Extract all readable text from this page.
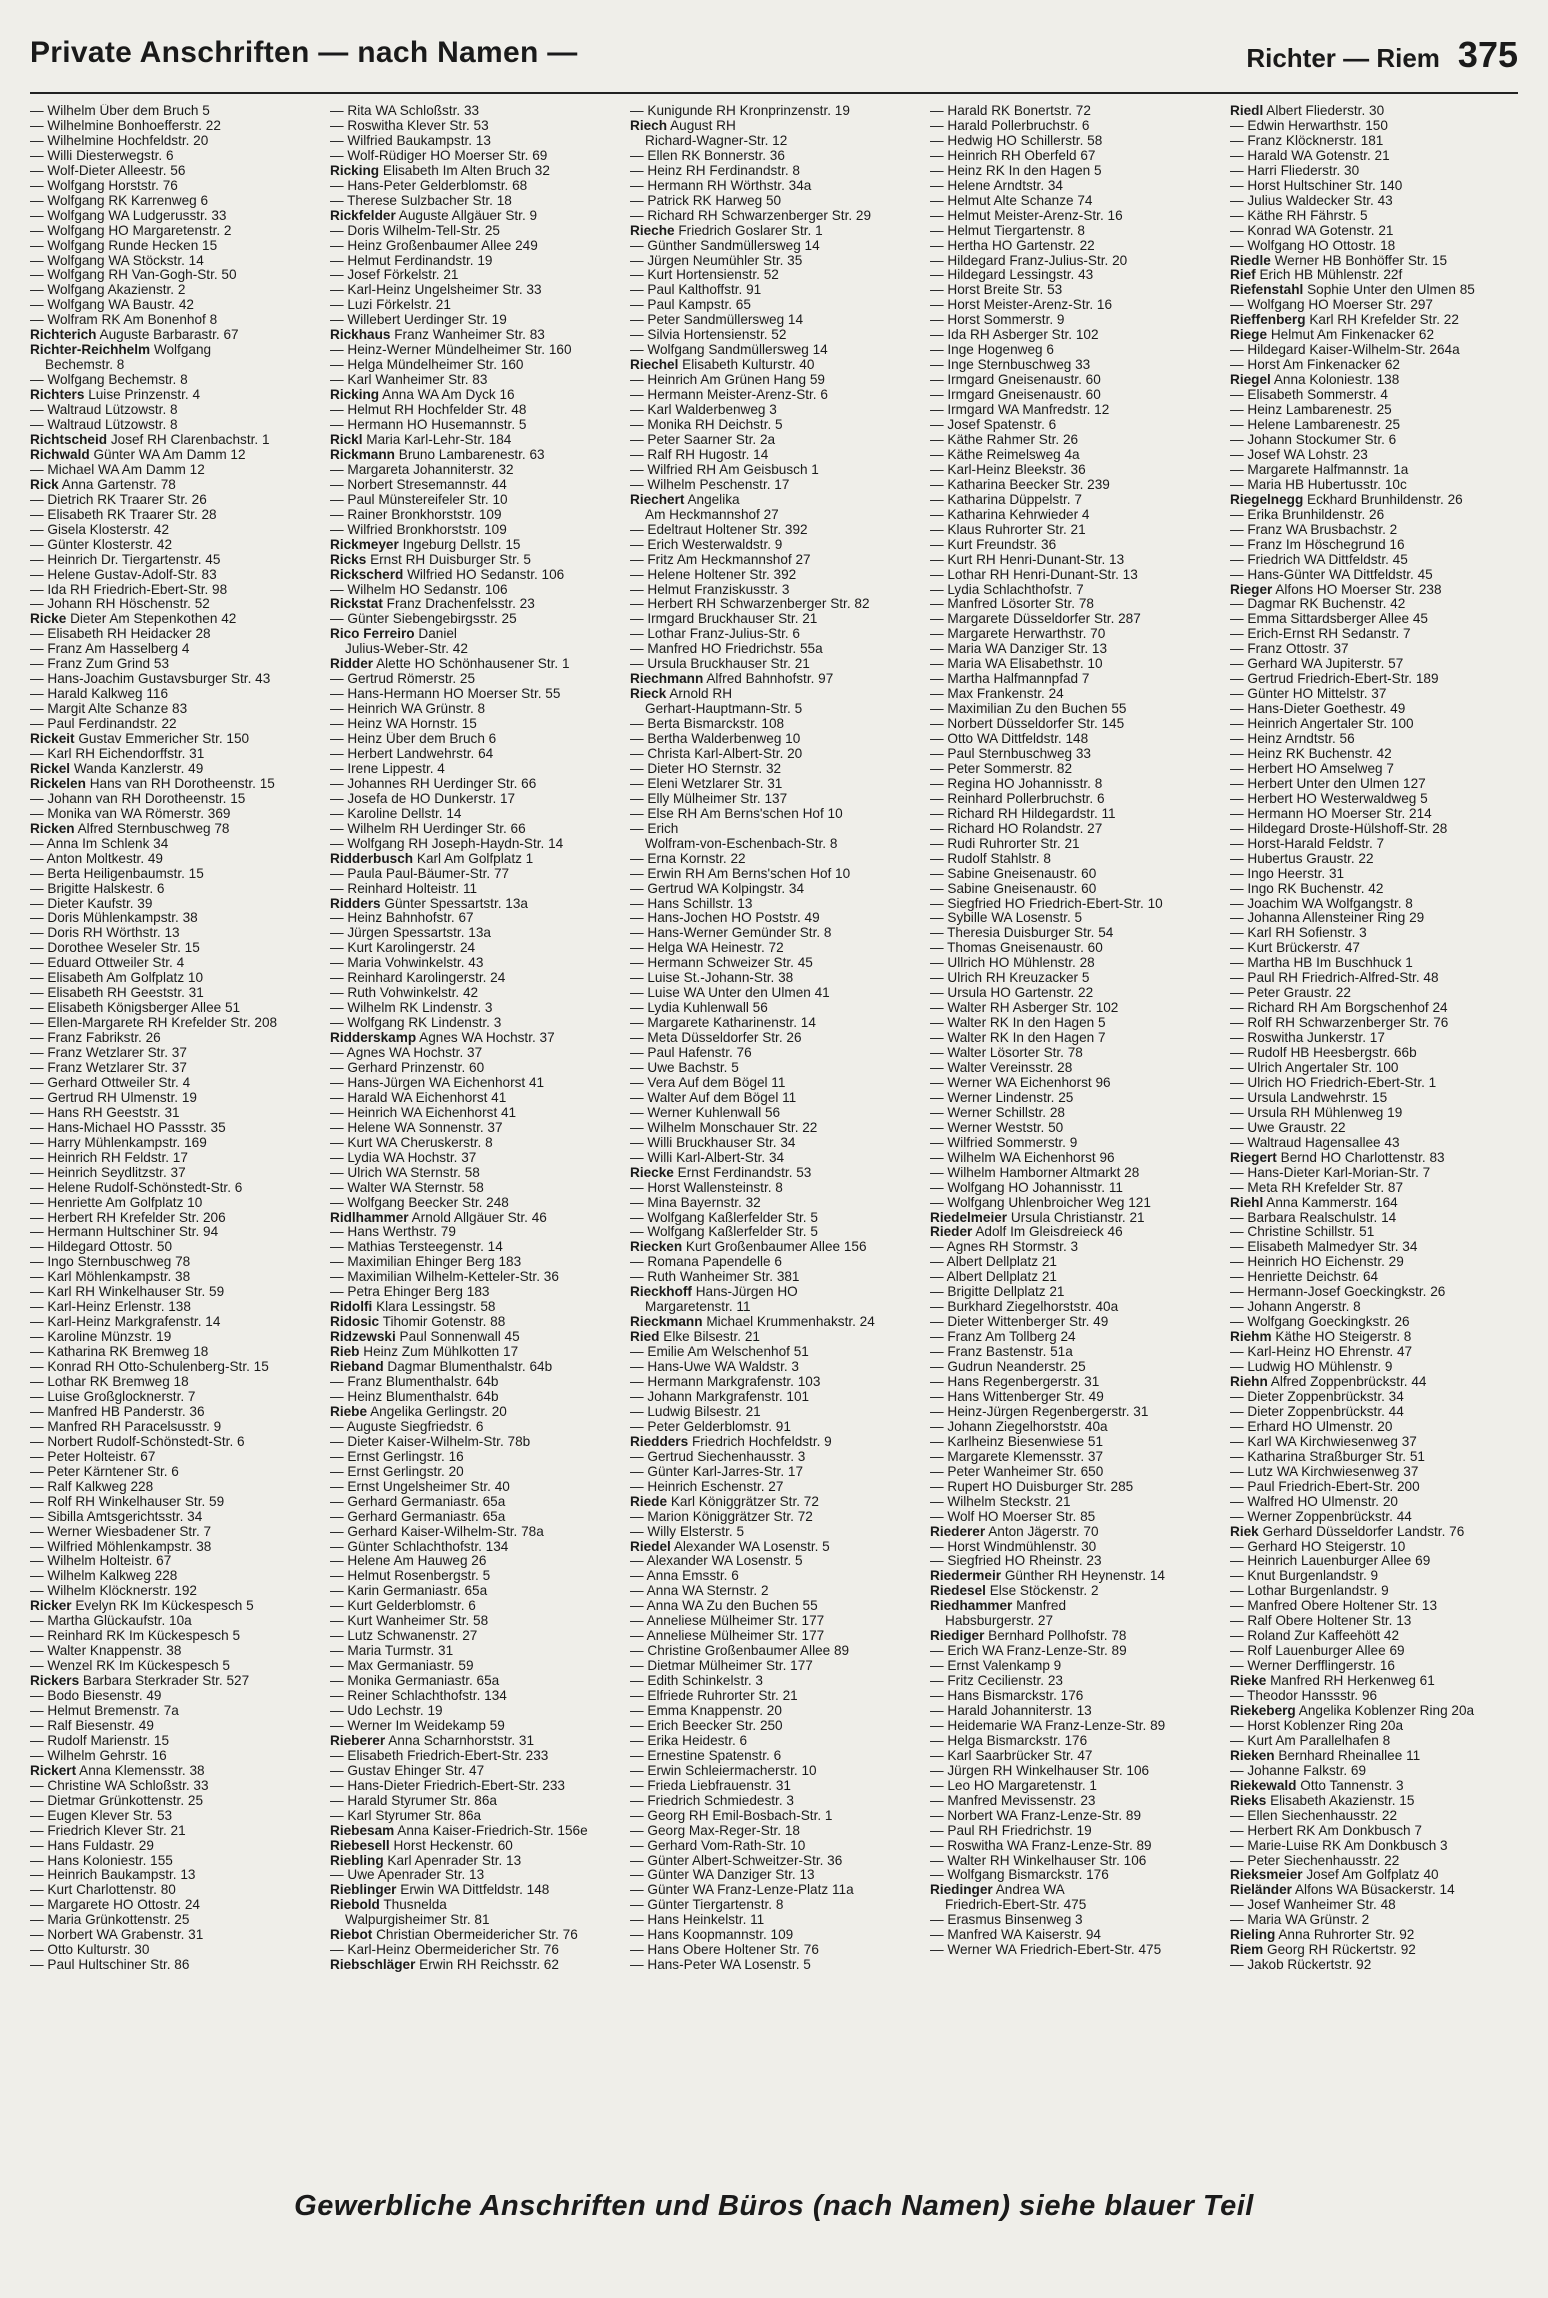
Private Anschriften — nach Namen —	Richter — Riem 375
— Wilhelm Über dem Bruch 5
— Wilhelmine Bonhoefferstr. 22
— Wilhelmine Hochfeldstr. 20
— Willi Diesterwegstr. 6
— Wolf-Dieter Alleestr. 56
— Wolfgang Horststr. 76
— Wolfgang RK Karrenweg 6
— Wolfgang WA Ludgerusstr. 33
— Wolfgang HO Margaretenstr. 2
— Wolfgang Runde Hecken 15
— Wolfgang WA Stöckstr. 14
— Wolfgang RH Van-Gogh-Str. 50
— Wolfgang Akazienstr. 2
— Wolfgang WA Baustr. 42
— Wolfram RK Am Bonenhof 8
Richterich Auguste Barbarastr. 67
Richter-Reichhelm Wolfgang
Bechemstr. 8
— Wolfgang Bechemstr. 8
Richters Luise Prinzenstr. 4
— Waltraud Lützowstr. 8
— Waltraud Lützowstr. 8
Richtscheid Josef RH Clarenbachstr. 1
Richwald Günter WA Am Damm 12
— Michael WA Am Damm 12
Rick Anna Gartenstr. 78
— Dietrich RK Traarer Str. 26
— Elisabeth RK Traarer Str. 28
— Gisela Klosterstr. 42
— Günter Klosterstr. 42
— Heinrich Dr. Tiergartenstr. 45
— Helene Gustav-Adolf-Str. 83
— Ida RH Friedrich-Ebert-Str. 98
— Johann RH Höschenstr. 52
Ricke Dieter Am Stepenkothen 42
— Elisabeth RH Heidacker 28
— Franz Am Hasselberg 4
— Franz Zum Grind 53
— Hans-Joachim Gustavsburger Str. 43
— Harald Kalkweg 116
— Margit Alte Schanze 83
— Paul Ferdinandstr. 22
Rickeit Gustav Emmericher Str. 150
— Karl RH Eichendorffstr. 31
Rickel Wanda Kanzlerstr. 49
Rickelen Hans van RH Dorotheenstr. 15
— Johann van RH Dorotheenstr. 15
— Monika van WA Römerstr. 369
Ricken Alfred Sternbuschweg 78
— Anna Im Schlenk 34
— Anton Moltkestr. 49
— Berta Heiligenbaumstr. 15
— Brigitte Halskestr. 6
— Dieter Kaufstr. 39
— Doris Mühlenkampstr. 38
— Doris RH Wörthstr. 13
— Dorothee Weseler Str. 15
— Eduard Ottweiler Str. 4
— Elisabeth Am Golfplatz 10
— Elisabeth RH Geeststr. 31
— Elisabeth Königsberger Allee 51
— Ellen-Margarete RH Krefelder Str. 208
— Franz Fabrikstr. 26
— Franz Wetzlarer Str. 37
— Franz Wetzlarer Str. 37
— Gerhard Ottweiler Str. 4
— Gertrud RH Ulmenstr. 19
— Hans RH Geeststr. 31
— Hans-Michael HO Passstr. 35
— Harry Mühlenkampstr. 169
— Heinrich RH Feldstr. 17
— Heinrich Seydlitzstr. 37
— Helene Rudolf-Schönstedt-Str. 6
— Henriette Am Golfplatz 10
— Herbert RH Krefelder Str. 206
— Hermann Hultschiner Str. 94
— Hildegard Ottostr. 50
— Ingo Sternbuschweg 78
— Karl Möhlenkampstr. 38
— Karl RH Winkelhauser Str. 59
— Karl-Heinz Erlenstr. 138
— Karl-Heinz Markgrafenstr. 14
— Karoline Münzstr. 19
— Katharina RK Bremweg 18
— Konrad RH Otto-Schulenberg-Str. 15
— Lothar RK Bremweg 18
— Luise Großglocknerstr. 7
— Manfred HB Panderstr. 36
— Manfred RH Paracelsusstr. 9
— Norbert Rudolf-Schönstedt-Str. 6
— Peter Holteistr. 67
— Peter Kärntener Str. 6
— Ralf Kalkweg 228
— Rolf RH Winkelhauser Str. 59
— Sibilla Amtsgerichtsstr. 34
— Werner Wiesbadener Str. 7
— Wilfried Möhlenkampstr. 38
— Wilhelm Holteistr. 67
— Wilhelm Kalkweg 228
— Wilhelm Klöcknerstr. 192
Ricker Evelyn RK Im Kückespesch 5
— Martha Glückaufstr. 10a
— Reinhard RK Im Kückespesch 5
— Walter Knappenstr. 38
— Wenzel RK Im Kückespesch 5
Rickers Barbara Sterkrader Str. 527
— Bodo Biesenstr. 49
— Helmut Bremenstr. 7a
— Ralf Biesenstr. 49
— Rudolf Marienstr. 15
— Wilhelm Gehrstr. 16
Rickert Anna Klemensstr. 38
— Christine WA Schloßstr. 33
— Dietmar Grünkottenstr. 25
— Eugen Klever Str. 53
— Friedrich Klever Str. 21
— Hans Fuldastr. 29
— Hans Koloniestr. 155
— Heinrich Baukampstr. 13
— Kurt Charlottenstr. 80
— Margarete HO Ottostr. 24
— Maria Grünkottenstr. 25
— Norbert WA Grabenstr. 31
— Otto Kulturstr. 30
— Paul Hultschiner Str. 86
— Rita WA Schloßstr. 33
— Roswitha Klever Str. 53
— Wilfried Baukampstr. 13
— Wolf-Rüdiger HO Moerser Str. 69
Ricking Elisabeth Im Alten Bruch 32
— Hans-Peter Gelderblomstr. 68
— Therese Sulzbacher Str. 18
Rickfelder Auguste Allgäuer Str. 9
— Doris Wilhelm-Tell-Str. 25
— Heinz Großenbaumer Allee 249
— Helmut Ferdinandstr. 19
— Josef Förkelstr. 21
— Karl-Heinz Ungelsheimer Str. 33
— Luzi Förkelstr. 21
— Willebert Uerdinger Str. 19
Rickhaus Franz Wanheimer Str. 83
— Heinz-Werner Mündelheimer Str. 160
— Helga Mündelheimer Str. 160
— Karl Wanheimer Str. 83
Ricking Anna WA Am Dyck 16
— Helmut RH Hochfelder Str. 48
— Hermann HO Husemannstr. 5
Rickl Maria Karl-Lehr-Str. 184
Rickmann Bruno Lambarenestr. 63
— Margareta Johanniterstr. 32
— Norbert Stresemannstr. 44
— Paul Münstereifeler Str. 10
— Rainer Bronkhorststr. 109
— Wilfried Bronkhorststr. 109
Rickmeyer Ingeburg Dellstr. 15
Ricks Ernst RH Duisburger Str. 5
Rickscherd Wilfried HO Sedanstr. 106
— Wilhelm HO Sedanstr. 106
Rickstat Franz Drachenfelsstr. 23
— Günter Siebengebirgsstr. 25
Rico Ferreiro Daniel
Julius-Weber-Str. 42
Ridder Alette HO Schönhausener Str. 1
— Gertrud Römerstr. 25
— Hans-Hermann HO Moerser Str. 55
— Heinrich WA Grünstr. 8
— Heinz WA Hornstr. 15
— Heinz Über dem Bruch 6
— Herbert Landwehrstr. 64
— Irene Lippestr. 4
— Johannes RH Uerdinger Str. 66
— Josefa de HO Dunkerstr. 17
— Karoline Dellstr. 14
— Wilhelm RH Uerdinger Str. 66
— Wolfgang RH Joseph-Haydn-Str. 14
Ridderbusch Karl Am Golfplatz 1
— Paula Paul-Bäumer-Str. 77
— Reinhard Holteistr. 11
Ridders Günter Spessartstr. 13a
— Heinz Bahnhofstr. 67
— Jürgen Spessartstr. 13a
— Kurt Karolingerstr. 24
— Maria Vohwinkelstr. 43
— Reinhard Karolingerstr. 24
— Ruth Vohwinkelstr. 42
— Wilhelm RK Lindenstr. 3
— Wolfgang RK Lindenstr. 3
Ridderskamp Agnes WA Hochstr. 37
— Agnes WA Hochstr. 37
— Gerhard Prinzenstr. 60
— Hans-Jürgen WA Eichenhorst 41
— Harald WA Eichenhorst 41
— Heinrich WA Eichenhorst 41
— Helene WA Sonnenstr. 37
— Kurt WA Cheruskerstr. 8
— Lydia WA Hochstr. 37
— Ulrich WA Sternstr. 58
— Walter WA Sternstr. 58
— Wolfgang Beecker Str. 248
Ridlhammer Arnold Allgäuer Str. 46
— Hans Werthstr. 79
— Mathias Tersteegenstr. 14
— Maximilian Ehinger Berg 183
— Maximilian Wilhelm-Ketteler-Str. 36
— Petra Ehinger Berg 183
Ridolfi Klara Lessingstr. 58
Ridosic Tihomir Gotenstr. 88
Ridzewski Paul Sonnenwall 45
Rieb Heinz Zum Mühlkotten 17
Rieband Dagmar Blumenthalstr. 64b
— Franz Blumenthalstr. 64b
— Heinz Blumenthalstr. 64b
Riebe Angelika Gerlingstr. 20
— Auguste Siegfriedstr. 6
— Dieter Kaiser-Wilhelm-Str. 78b
— Ernst Gerlingstr. 16
— Ernst Gerlingstr. 20
— Ernst Ungelsheimer Str. 40
— Gerhard Germaniastr. 65a
— Gerhard Germaniastr. 65a
— Gerhard Kaiser-Wilhelm-Str. 78a
— Günter Schlachthofstr. 134
— Helene Am Hauweg 26
— Helmut Rosenbergstr. 5
— Karin Germaniastr. 65a
— Kurt Gelderblomstr. 6
— Kurt Wanheimer Str. 58
— Lutz Schwanenstr. 27
— Maria Turmstr. 31
— Max Germaniastr. 59
— Monika Germaniastr. 65a
— Reiner Schlachthofstr. 134
— Udo Lechstr. 19
— Werner Im Weidekamp 59
Rieberer Anna Scharnhorststr. 31
— Elisabeth Friedrich-Ebert-Str. 233
— Gustav Ehinger Str. 47
— Hans-Dieter Friedrich-Ebert-Str. 233
— Harald Styrumer Str. 86a
— Karl Styrumer Str. 86a
Riebesam Anna Kaiser-Friedrich-Str. 156e
Riebesell Horst Heckenstr. 60
Riebling Karl Apenrader Str. 13
— Uwe Apenrader Str. 13
Rieblinger Erwin WA Dittfeldstr. 148
Riebold Thusnelda
Walpurgisheimer Str. 81
Riebot Christian Obermeidericher Str. 76
— Karl-Heinz Obermeidericher Str. 76
Riebschläger Erwin RH Reichsstr. 62
— Kunigunde RH Kronprinzenstr. 19
Riech August RH
Richard-Wagner-Str. 12
— Ellen RK Bonnerstr. 36
— Heinz RH Ferdinandstr. 8
— Hermann RH Wörthstr. 34a
— Patrick RK Harweg 50
— Richard RH Schwarzenberger Str. 29
Rieche Friedrich Goslarer Str. 1
— Günther Sandmüllersweg 14
— Jürgen Neumühler Str. 35
— Kurt Hortensienstr. 52
— Paul Kalthoffstr. 91
— Paul Kampstr. 65
— Peter Sandmüllersweg 14
— Silvia Hortensienstr. 52
— Wolfgang Sandmüllersweg 14
Riechel Elisabeth Kulturstr. 40
— Heinrich Am Grünen Hang 59
— Hermann Meister-Arenz-Str. 6
— Karl Walderbenweg 3
— Monika RH Deichstr. 5
— Peter Saarner Str. 2a
— Ralf RH Hugostr. 14
— Wilfried RH Am Geisbusch 1
— Wilhelm Peschenstr. 17
Riechert Angelika
Am Heckmannshof 27
— Edeltraut Holtener Str. 392
— Erich Westerwaldstr. 9
— Fritz Am Heckmannshof 27
— Helene Holtener Str. 392
— Helmut Franziskusstr. 3
— Herbert RH Schwarzenberger Str. 82
— Irmgard Bruckhauser Str. 21
— Lothar Franz-Julius-Str. 6
— Manfred HO Friedrichstr. 55a
— Ursula Bruckhauser Str. 21
Riechmann Alfred Bahnhofstr. 97
Rieck Arnold RH
Gerhart-Hauptmann-Str. 5
— Berta Bismarckstr. 108
— Bertha Walderbenweg 10
— Christa Karl-Albert-Str. 20
— Dieter HO Sternstr. 32
— Eleni Wetzlarer Str. 31
— Elly Mülheimer Str. 137
— Else RH Am Berns'schen Hof 10
— Erich
Wolfram-von-Eschenbach-Str. 8
— Erna Kornstr. 22
— Erwin RH Am Berns'schen Hof 10
— Gertrud WA Kolpingstr. 34
— Hans Schillstr. 13
— Hans-Jochen HO Poststr. 49
— Hans-Werner Gemünder Str. 8
— Helga WA Heinestr. 72
— Hermann Schweizer Str. 45
— Luise St.-Johann-Str. 38
— Luise WA Unter den Ulmen 41
— Lydia Kuhlenwall 56
— Margarete Katharinenstr. 14
— Meta Düsseldorfer Str. 26
— Paul Hafenstr. 76
— Uwe Bachstr. 5
— Vera Auf dem Bögel 11
— Walter Auf dem Bögel 11
— Werner Kuhlenwall 56
— Wilhelm Monschauer Str. 22
— Willi Bruckhauser Str. 34
— Willi Karl-Albert-Str. 34
Riecke Ernst Ferdinandstr. 53
— Horst Wallensteinstr. 8
— Mina Bayernstr. 32
— Wolfgang Kaßlerfelder Str. 5
— Wolfgang Kaßlerfelder Str. 5
Riecken Kurt Großenbaumer Allee 156
— Romana Papendelle 6
— Ruth Wanheimer Str. 381
Rieckhoff Hans-Jürgen HO
Margaretenstr. 11
Rieckmann Michael Krummenhakstr. 24
Ried Elke Bilsestr. 21
— Emilie Am Welschenhof 51
— Hans-Uwe WA Waldstr. 3
— Hermann Markgrafenstr. 103
— Johann Markgrafenstr. 101
— Ludwig Bilsestr. 21
— Peter Gelderblomstr. 91
Riedders Friedrich Hochfeldstr. 9
— Gertrud Siechenhausstr. 3
— Günter Karl-Jarres-Str. 17
— Heinrich Eschenstr. 27
Riede Karl Königgrätzer Str. 72
— Marion Königgrätzer Str. 72
— Willy Elsterstr. 5
Riedel Alexander WA Losenstr. 5
— Alexander WA Losenstr. 5
— Anna Emsstr. 6
— Anna WA Sternstr. 2
— Anna WA Zu den Buchen 55
— Anneliese Mülheimer Str. 177
— Anneliese Mülheimer Str. 177
— Christine Großenbaumer Allee 89
— Dietmar Mülheimer Str. 177
— Edith Schinkelstr. 3
— Elfriede Ruhrorter Str. 21
— Emma Knappenstr. 20
— Erich Beecker Str. 250
— Erika Heidestr. 6
— Ernestine Spatenstr. 6
— Erwin Schleiermacherstr. 10
— Frieda Liebfrauenstr. 31
— Friedrich Schmiedestr. 3
— Georg RH Emil-Bosbach-Str. 1
— Georg Max-Reger-Str. 18
— Gerhard Vom-Rath-Str. 10
— Günter Albert-Schweitzer-Str. 36
— Günter WA Danziger Str. 13
— Günter WA Franz-Lenze-Platz 11a
— Günter Tiergartenstr. 8
— Hans Heinkelstr. 11
— Hans Koopmannstr. 109
— Hans Obere Holtener Str. 76
— Hans-Peter WA Losenstr. 5
— Harald RK Bonertstr. 72
— Harald Pollerbruchstr. 6
— Hedwig HO Schillerstr. 58
— Heinrich RH Oberfeld 67
— Heinz RK In den Hagen 5
— Helene Arndtstr. 34
— Helmut Alte Schanze 74
— Helmut Meister-Arenz-Str. 16
— Helmut Tiergartenstr. 8
— Hertha HO Gartenstr. 22
— Hildegard Franz-Julius-Str. 20
— Hildegard Lessingstr. 43
— Horst Breite Str. 53
— Horst Meister-Arenz-Str. 16
— Horst Sommerstr. 9
— Ida RH Asberger Str. 102
— Inge Hogenweg 6
— Inge Sternbuschweg 33
— Irmgard Gneisenaustr. 60
— Irmgard Gneisenaustr. 60
— Irmgard WA Manfredstr. 12
— Josef Spatenstr. 6
— Käthe Rahmer Str. 26
— Käthe Reimelsweg 4a
— Karl-Heinz Bleekstr. 36
— Katharina Beecker Str. 239
— Katharina Düppelstr. 7
— Katharina Kehrwieder 4
— Klaus Ruhrorter Str. 21
— Kurt Freundstr. 36
— Kurt RH Henri-Dunant-Str. 13
— Lothar RH Henri-Dunant-Str. 13
— Lydia Schlachthofstr. 7
— Manfred Lösorter Str. 78
— Margarete Düsseldorfer Str. 287
— Margarete Herwarthstr. 70
— Maria WA Danziger Str. 13
— Maria WA Elisabethstr. 10
— Martha Halfmannpfad 7
— Max Frankenstr. 24
— Maximilian Zu den Buchen 55
— Norbert Düsseldorfer Str. 145
— Otto WA Dittfeldstr. 148
— Paul Sternbuschweg 33
— Peter Sommerstr. 82
— Regina HO Johannisstr. 8
— Reinhard Pollerbruchstr. 6
— Richard RH Hildegardstr. 11
— Richard HO Rolandstr. 27
— Rudi Ruhrorter Str. 21
— Rudolf Stahlstr. 8
— Sabine Gneisenaustr. 60
— Sabine Gneisenaustr. 60
— Siegfried HO Friedrich-Ebert-Str. 10
— Sybille WA Losenstr. 5
— Theresia Duisburger Str. 54
— Thomas Gneisenaustr. 60
— Ullrich HO Mühlenstr. 28
— Ulrich RH Kreuzacker 5
— Ursula HO Gartenstr. 22
— Walter RH Asberger Str. 102
— Walter RK In den Hagen 5
— Walter RK In den Hagen 7
— Walter Lösorter Str. 78
— Walter Vereinsstr. 28
— Werner WA Eichenhorst 96
— Werner Lindenstr. 25
— Werner Schillstr. 28
— Werner Weststr. 50
— Wilfried Sommerstr. 9
— Wilhelm WA Eichenhorst 96
— Wilhelm Hamborner Altmarkt 28
— Wolfgang HO Johannisstr. 11
— Wolfgang Uhlenbroicher Weg 121
Riedelmeier Ursula Christianstr. 21
Rieder Adolf Im Gleisdreieck 46
— Agnes RH Stormstr. 3
— Albert Dellplatz 21
— Albert Dellplatz 21
— Brigitte Dellplatz 21
— Burkhard Ziegelhorststr. 40a
— Dieter Wittenberger Str. 49
— Franz Am Tollberg 24
— Franz Bastenstr. 51a
— Gudrun Neanderstr. 25
— Hans Regenbergerstr. 31
— Hans Wittenberger Str. 49
— Heinz-Jürgen Regenbergerstr. 31
— Johann Ziegelhorststr. 40a
— Karlheinz Biesenwiese 51
— Margarete Klemensstr. 37
— Peter Wanheimer Str. 650
— Rupert HO Duisburger Str. 285
— Wilhelm Steckstr. 21
— Wolf HO Moerser Str. 85
Riederer Anton Jägerstr. 70
— Horst Windmühlenstr. 30
— Siegfried HO Rheinstr. 23
Riedermeir Günther RH Heynenstr. 14
Riedesel Else Stöckenstr. 2
Riedhammer Manfred
Habsburgerstr. 27
Riediger Bernhard Pollhofstr. 78
— Erich WA Franz-Lenze-Str. 89
— Ernst Valenkamp 9
— Fritz Cecilienstr. 23
— Hans Bismarckstr. 176
— Harald Johanniterstr. 13
— Heidemarie WA Franz-Lenze-Str. 89
— Helga Bismarckstr. 176
— Karl Saarbrücker Str. 47
— Jürgen RH Winkelhauser Str. 106
— Leo HO Margaretenstr. 1
— Manfred Mevissenstr. 23
— Norbert WA Franz-Lenze-Str. 89
— Paul RH Friedrichstr. 19
— Roswitha WA Franz-Lenze-Str. 89
— Walter RH Winkelhauser Str. 106
— Wolfgang Bismarckstr. 176
Riedinger Andrea WA
Friedrich-Ebert-Str. 475
— Erasmus Binsenweg 3
— Manfred WA Kaiserstr. 94
— Werner WA Friedrich-Ebert-Str. 475
Riedl Albert Fliederstr. 30
— Edwin Herwarthstr. 150
— Franz Klöcknerstr. 181
— Harald WA Gotenstr. 21
— Harri Fliederstr. 30
— Horst Hultschiner Str. 140
— Julius Waldecker Str. 43
— Käthe RH Fährstr. 5
— Konrad WA Gotenstr. 21
— Wolfgang HO Ottostr. 18
Riedle Werner HB Bonhöffer Str. 15
Rief Erich HB Mühlenstr. 22f
Riefenstahl Sophie Unter den Ulmen 85
— Wolfgang HO Moerser Str. 297
Rieffenberg Karl RH Krefelder Str. 22
Riege Helmut Am Finkenacker 62
— Hildegard Kaiser-Wilhelm-Str. 264a
— Horst Am Finkenacker 62
Riegel Anna Koloniestr. 138
— Elisabeth Sommerstr. 4
— Heinz Lambarenestr. 25
— Helene Lambarenestr. 25
— Johann Stockumer Str. 6
— Josef WA Lohstr. 23
— Margarete Halfmannstr. 1a
— Maria HB Hubertusstr. 10c
Riegelnegg Eckhard Brunhildenstr. 26
— Erika Brunhildenstr. 26
— Franz WA Brusbachstr. 2
— Franz Im Höschegrund 16
— Friedrich WA Dittfeldstr. 45
— Hans-Günter WA Dittfeldstr. 45
Rieger Alfons HO Moerser Str. 238
— Dagmar RK Buchenstr. 42
— Emma Sittardsberger Allee 45
— Erich-Ernst RH Sedanstr. 7
— Franz Ottostr. 37
— Gerhard WA Jupiterstr. 57
— Gertrud Friedrich-Ebert-Str. 189
— Günter HO Mittelstr. 37
— Hans-Dieter Goethestr. 49
— Heinrich Angertaler Str. 100
— Heinz Arndtstr. 56
— Heinz RK Buchenstr. 42
— Herbert HO Amselweg 7
— Herbert Unter den Ulmen 127
— Herbert HO Westerwaldweg 5
— Hermann HO Moerser Str. 214
— Hildegard Droste-Hülshoff-Str. 28
— Horst-Harald Feldstr. 7
— Hubertus Graustr. 22
— Ingo Heerstr. 31
— Ingo RK Buchenstr. 42
— Joachim WA Wolfgangstr. 8
— Johanna Allensteiner Ring 29
— Karl RH Sofienstr. 3
— Kurt Brückerstr. 47
— Martha HB Im Buschhuck 1
— Paul RH Friedrich-Alfred-Str. 48
— Peter Graustr. 22
— Richard RH Am Borgschenhof 24
— Rolf RH Schwarzenberger Str. 76
— Roswitha Junkerstr. 17
— Rudolf HB Heesbergstr. 66b
— Ulrich Angertaler Str. 100
— Ulrich HO Friedrich-Ebert-Str. 1
— Ursula Landwehrstr. 15
— Ursula RH Mühlenweg 19
— Uwe Graustr. 22
— Waltraud Hagensallee 43
Riegert Bernd HO Charlottenstr. 83
— Hans-Dieter Karl-Morian-Str. 7
— Meta RH Krefelder Str. 87
Riehl Anna Kammerstr. 164
— Barbara Realschulstr. 14
— Christine Schillstr. 51
— Elisabeth Malmedyer Str. 34
— Heinrich HO Eichenstr. 29
— Henriette Deichstr. 64
— Hermann-Josef Goeckingkstr. 26
— Johann Angerstr. 8
— Wolfgang Goeckingkstr. 26
Riehm Käthe HO Steigerstr. 8
— Karl-Heinz HO Ehrenstr. 47
— Ludwig HO Mühlenstr. 9
Riehn Alfred Zoppenbrückstr. 44
— Dieter Zoppenbrückstr. 34
— Dieter Zoppenbrückstr. 44
— Erhard HO Ulmenstr. 20
— Karl WA Kirchwiesenweg 37
— Katharina Straßburger Str. 51
— Lutz WA Kirchwiesenweg 37
— Paul Friedrich-Ebert-Str. 200
— Walfred HO Ulmenstr. 20
— Werner Zoppenbrückstr. 44
Riek Gerhard Düsseldorfer Landstr. 76
— Gerhard HO Steigerstr. 10
— Heinrich Lauenburger Allee 69
— Knut Burgenlandstr. 9
— Lothar Burgenlandstr. 9
— Manfred Obere Holtener Str. 13
— Ralf Obere Holtener Str. 13
— Roland Zur Kaffeehött 42
— Rolf Lauenburger Allee 69
— Werner Derfflingerstr. 16
Rieke Manfred RH Herkenweg 61
— Theodor Hanssstr. 96
Riekeberg Angelika Koblenzer Ring 20a
— Horst Koblenzer Ring 20a
— Kurt Am Parallelhafen 8
Rieken Bernhard Rheinallee 11
— Johanne Falkstr. 69
Riekewald Otto Tannenstr. 3
Rieks Elisabeth Akazienstr. 15
— Ellen Siechenhausstr. 22
— Herbert RK Am Donkbusch 7
— Marie-Luise RK Am Donkbusch 3
— Peter Siechenhausstr. 22
Rieksmeier Josef Am Golfplatz 40
Rieländer Alfons WA Büsackerstr. 14
— Josef Wanheimer Str. 48
— Maria WA Grünstr. 2
Rieling Anna Ruhrorter Str. 92
Riem Georg RH Rückertstr. 92
— Jakob Rückertstr. 92
Gewerbliche Anschriften und Büros (nach Namen) siehe blauer Teil
